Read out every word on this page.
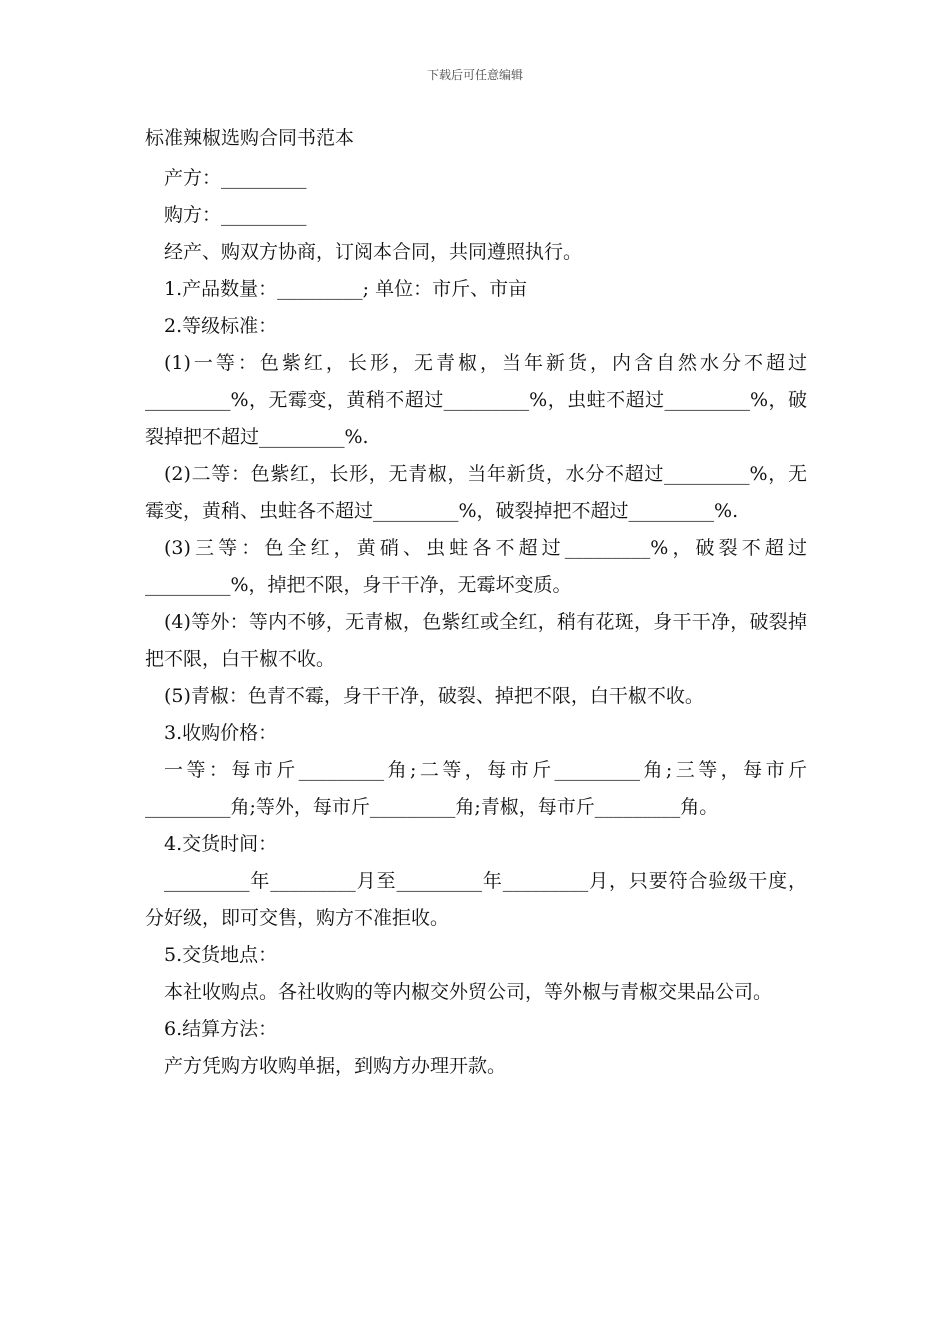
下载后可任意编辑
标准辣椒选购合同书范本

产方：_________

购方：_________

经产、购双方协商，订阅本合同，共同遵照执行。

1.产品数量：_________; 单位：市斤、市亩

2.等级标准：

(1)一等：色紫红，长形，无青椒，当年新货，内含自然水分不超过_________%，无霉变，黄稍不超过_________%，虫蛀不超过_________%，破裂掉把不超过_________%.

(2)二等：色紫红，长形，无青椒，当年新货，水分不超过_________%，无霉变，黄稍、虫蛀各不超过_________%，破裂掉把不超过_________%.

(3)三等：色全红，黄硝、虫蛀各不超过_________%，破裂不超过_________%，掉把不限，身干干净，无霉坏变质。

(4)等外：等内不够，无青椒，色紫红或全红，稍有花斑，身干干净，破裂掉把不限，白干椒不收。

(5)青椒：色青不霉，身干干净，破裂、掉把不限，白干椒不收。

3.收购价格：

一等：每市斤_________角;二等，每市斤_________角;三等，每市斤_________角;等外，每市斤_________角;青椒，每市斤_________角。

4.交货时间：

_________年_________月至_________年_________月，只要符合验级干度，分好级，即可交售，购方不准拒收。

5.交货地点：

本社收购点。各社收购的等内椒交外贸公司，等外椒与青椒交果品公司。

6.结算方法：

产方凭购方收购单据，到购方办理开款。
